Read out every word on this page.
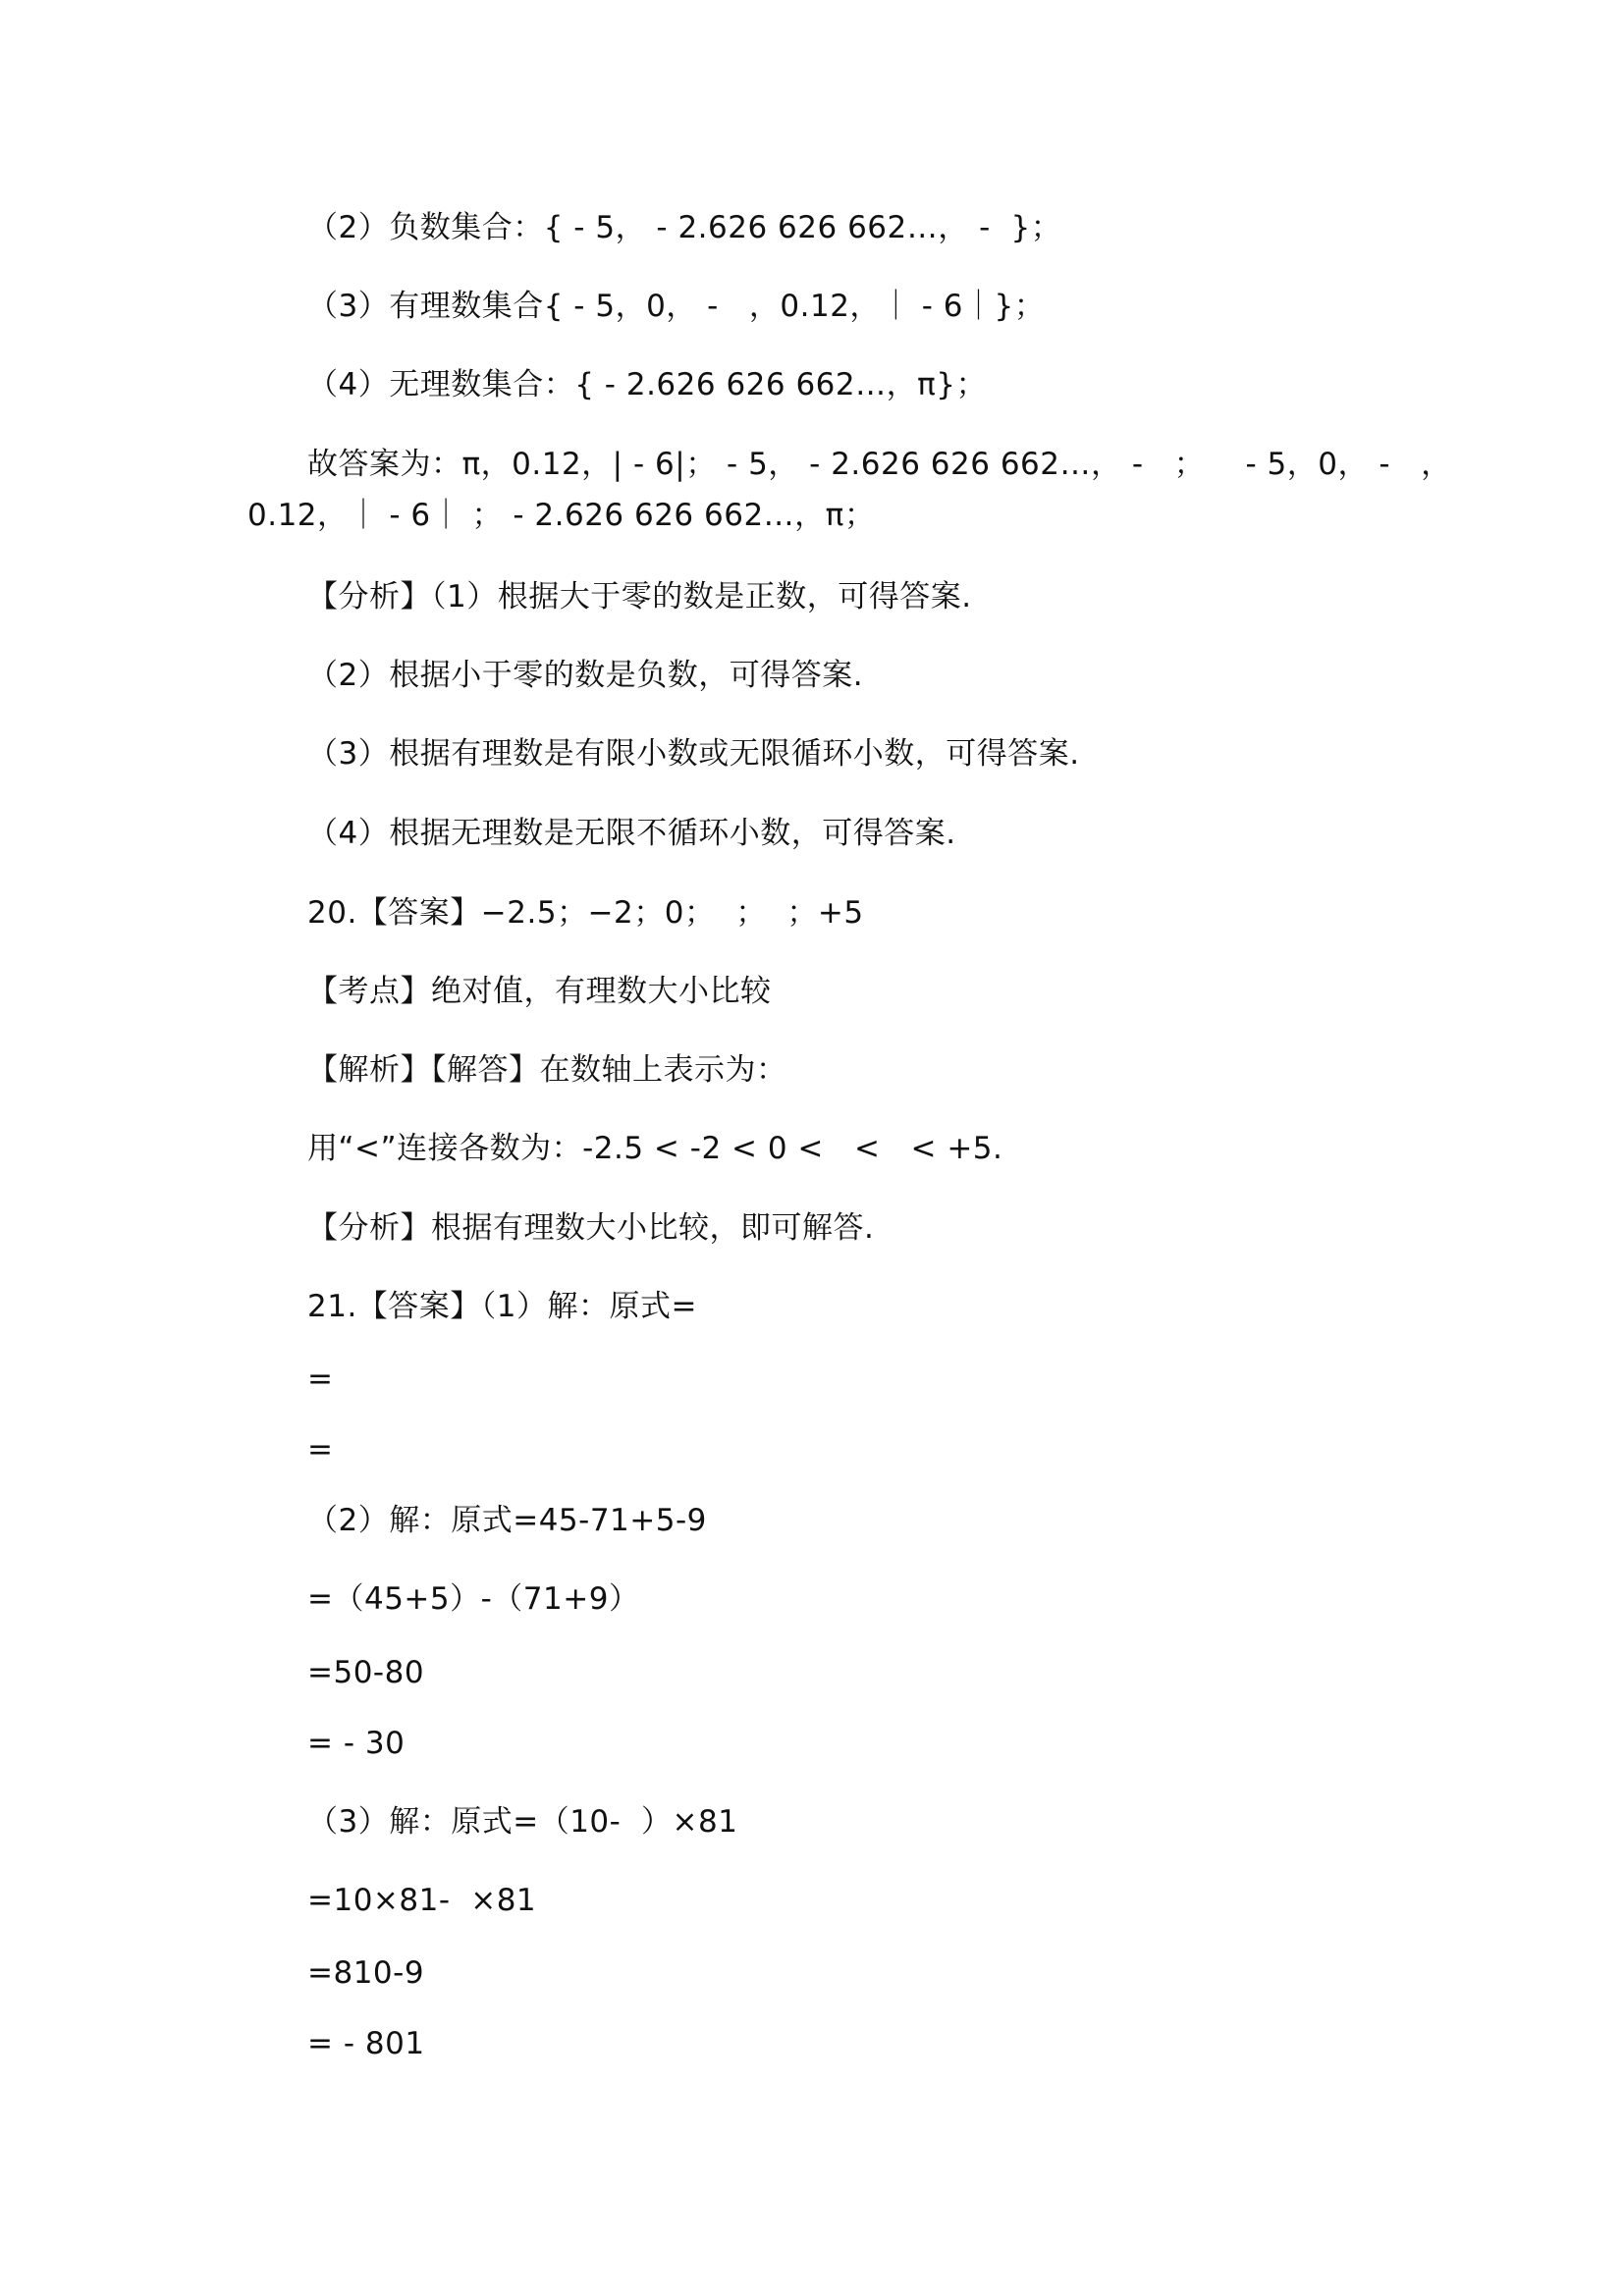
（2）负数集合：{ - 5， - 2.626 626 662…， -  }；
（3）有理数集合{ - 5，0， -   ，0.12，｜ - 6｜}；
（4）无理数集合：{ - 2.626 626 662…，π}；
故答案为：π，0.12，| - 6|； - 5， - 2.626 626 662…， -   ；    - 5，0， -   ，
0.12，｜ - 6｜ ； - 2.626 626 662…，π；
【分析】（1）根据大于零的数是正数，可得答案.
（2）根据小于零的数是负数，可得答案.
（3）根据有理数是有限小数或无限循环小数，可得答案.
（4）根据无理数是无限不循环小数，可得答案.
20.【答案】−2.5；−2；0；  ；  ；+5
【考点】绝对值，有理数大小比较
【解析】【解答】在数轴上表示为：
用“<”连接各数为：-2.5 < -2 < 0 <   <   < +5.
【分析】根据有理数大小比较，即可解答.
21.【答案】（1）解：原式=
=
=
（2）解：原式=45-71+5-9
=（45+5）-（71+9）
=50-80
= - 30
（3）解：原式=（10-  ）×81
=10×81-  ×81
=810-9
= - 801
